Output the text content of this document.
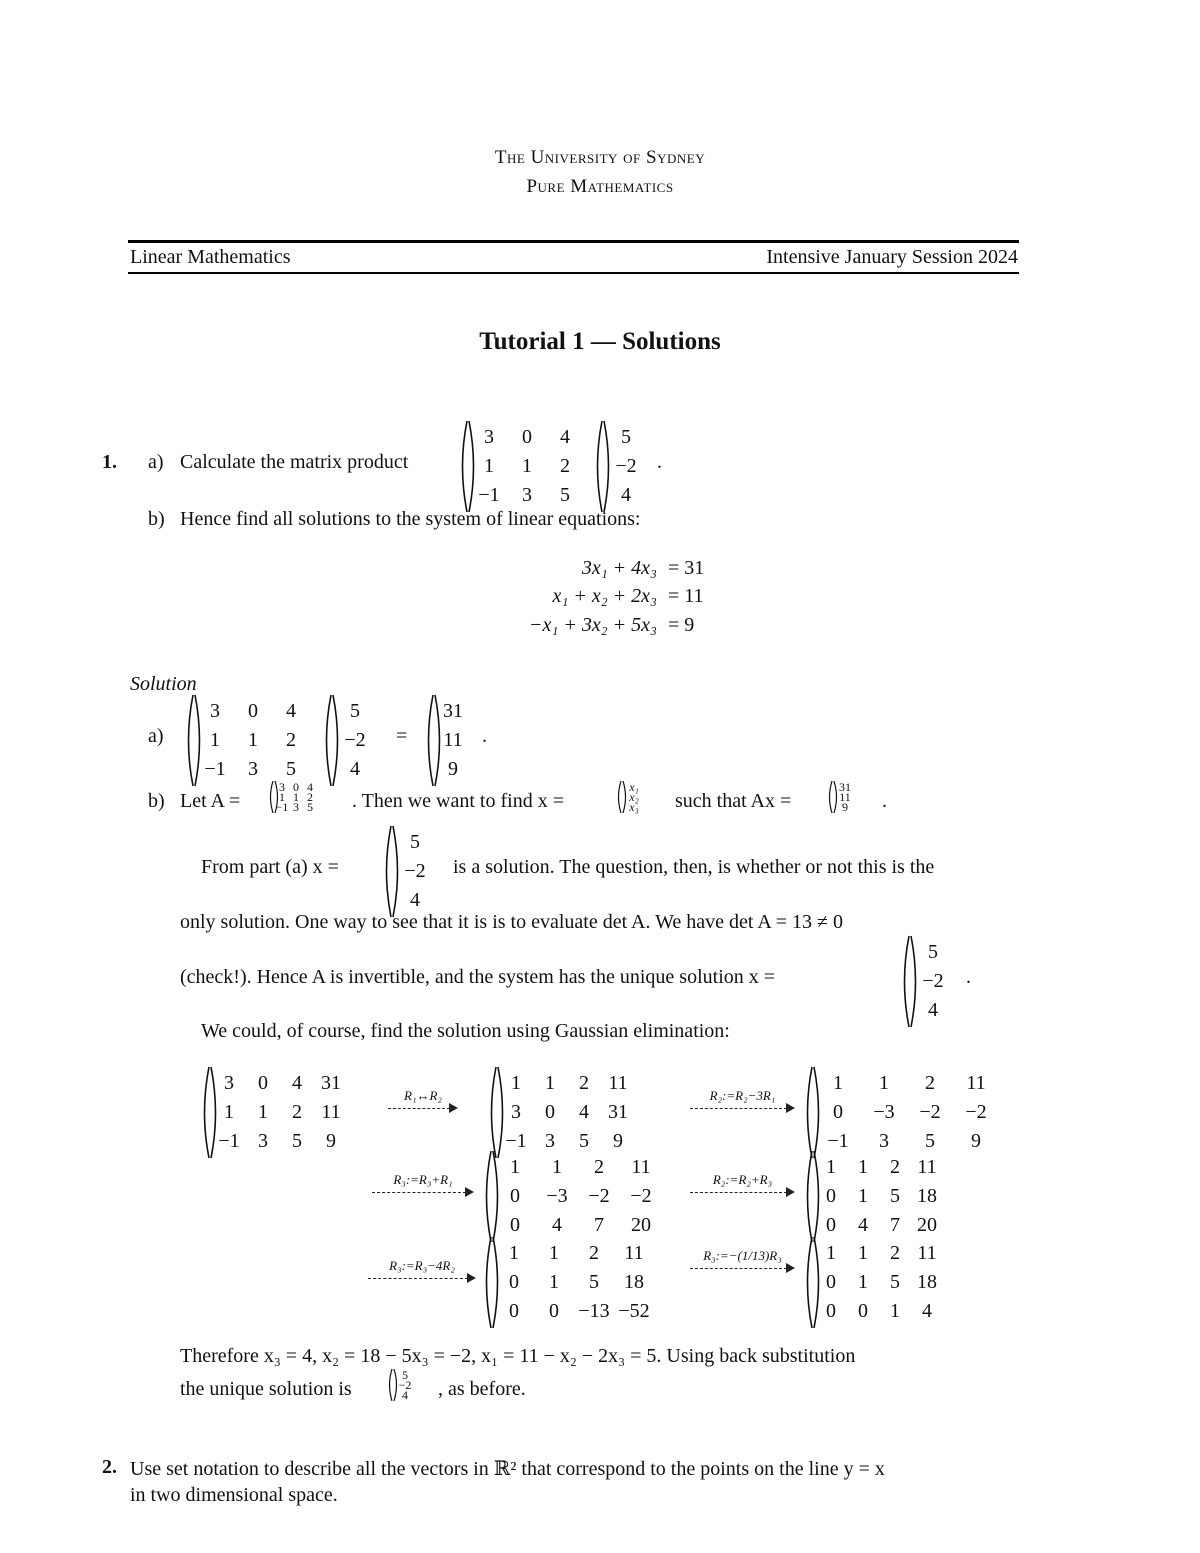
The University of Sydney
Pure Mathematics
Linear Mathematics	Intensive January Session 2024
Tutorial 1 — Solutions
1. a) Calculate the matrix product
3	0	4
1	1	2
−1	3	5
5
−2
4
.
b) Hence find all solutions to the system of linear equations:
3x₁ + 4x₃ = 31
x₁ + x₂ + 2x₃ = 11
−x₁ + 3x₂ + 5x₃ = 9
Solution
a)
3	0	4
1	1	2
−1	3	5
5
−2
4
=
31
11
9
.
b) Let A =
3 0 4
1 1 2
−1 3 5 . Then we want to find x =
x₁
x₂
x₃	such that Ax =
31
11
9	.
From part (a) x =
5
−2
4
is a solution. The question, then, is whether or not this is the
only solution. One way to see that it is is to evaluate det A. We have det A = 13 ≠ 0
(check!). Hence A is invertible, and the system has the unique solution x =
5
−2
4
.
We could, of course, find the solution using Gaussian elimination:
3	0	4 31
1	1	2 11
−1 3	5	9
R₁↔R₂
1	1	2 11
3	0	4 31
−1 3	5	9
R₂:=R₂−3R₁
1	1	2	11
0	−3	−2	−2
−1	3	5	9
R₃:=R₃+R₁
1	1	2	11
0	−3	−2	−2
0	4	7	20
R₂:=R₂+R₃
1	1	2 11
0	1	5 18
0	4	7 20
R₃:=R₃−4R₂
1	1	2	11
0	1	5	18
0	0 −13 −52
R₃:=−(1/13)R₃	1	1	2 11
0	1	5 18
0	0	1	4
Therefore x₃ = 4, x₂ = 18 − 5x₃ = −2, x₁ = 11 − x₂ − 2x₃ = 5. Using back substitution
the unique solution is
5
−2
4	, as before.
2. Use set notation to describe all the vectors in ℝ² that correspond to the points on the line y = x
in two dimensional space.
